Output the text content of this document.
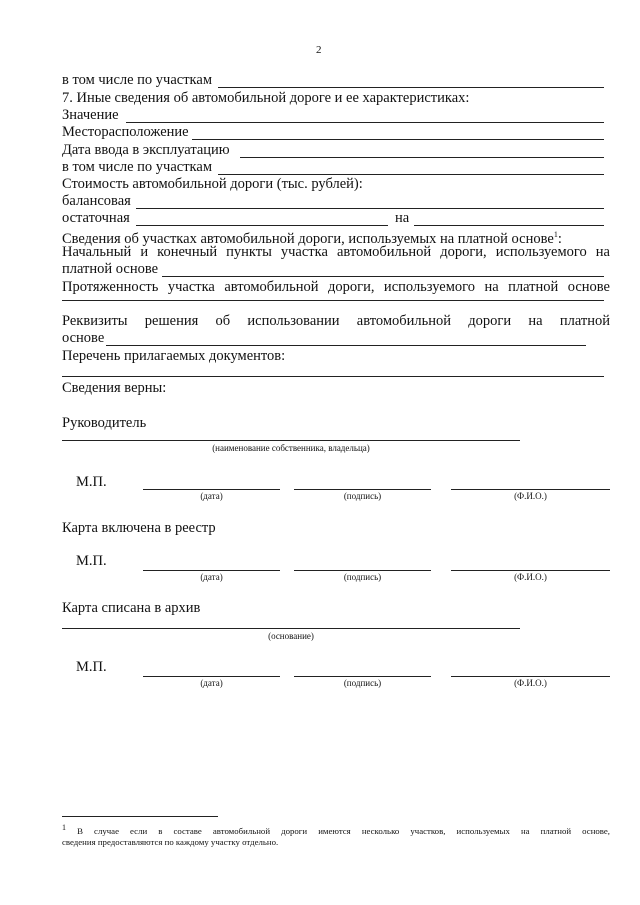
2
в том числе по участкам
7. Иные сведения об автомобильной дороге и ее характеристиках:
Значение
Месторасположение
Дата ввода в эксплуатацию
в том числе по участкам
Стоимость автомобильной дороги (тыс. рублей):
балансовая
остаточная	на
Сведения об участках автомобильной дороги, используемых на платной основе$^1$:
Начальный и конечный пункты участка автомобильной дороги, используемого на
платной основе
Протяженность участка автомобильной дороги, используемого на платной основе
Реквизиты решения об использовании автомобильной дороги на платной
основе
Перечень прилагаемых документов:
Сведения верны:
Руководитель
(наименование собственника, владельца)
М.П.
(дата)	(подпись)	(Ф.И.О.)
Карта включена в реестр
М.П.
(дата)	(подпись)	(Ф.И.О.)
Карта списана в архив
(основание)
М.П.
(дата)	(подпись)	(Ф.И.О.)
$^1$ В случае если в составе автомобильной дороги имеются несколько участков, используемых на платной основе,
сведения предоставляются по каждому участку отдельно.
